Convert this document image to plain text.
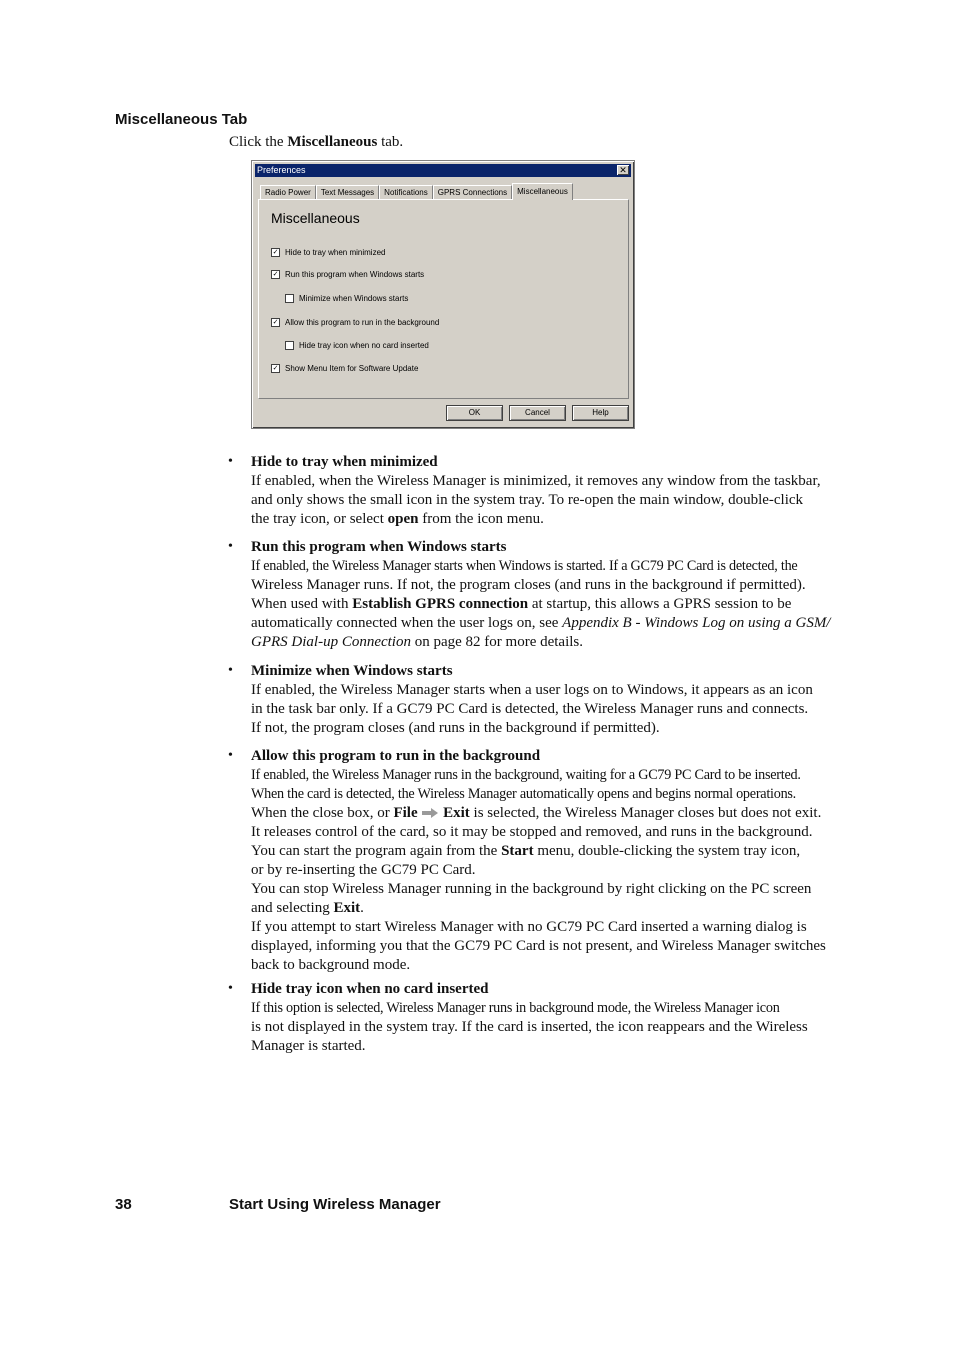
Miscellaneous Tab
Click the Miscellaneous tab.
Preferences	✕
Radio Power	Text Messages	Notifications	GPRS Connections	Miscellaneous
Miscellaneous
✓ Hide to tray when minimized
✓ Run this program when Windows starts
Minimize when Windows starts
✓ Allow this program to run in the background
Hide tray icon when no card inserted
✓ Show Menu Item for Software Update
OK	Cancel	Help
• Hide to tray when minimized

If enabled, when the Wireless Manager is minimized, it removes any window from the taskbar,

and only shows the small icon in the system tray. To re-open the main window, double-click

the tray icon, or select open from the icon menu.

• Run this program when Windows starts

If enabled, the Wireless Manager starts when Windows is started. If a GC79 PC Card is detected, the

Wireless Manager runs. If not, the program closes (and runs in the background if permitted).

When used with Establish GPRS connection at startup, this allows a GPRS session to be

automatically connected when the user logs on, see Appendix B - Windows Log on using a GSM/

GPRS Dial-up Connection on page 82 for more details.

• Minimize when Windows starts

If enabled, the Wireless Manager starts when a user logs on to Windows, it appears as an icon

in the task bar only. If a GC79 PC Card is detected, the Wireless Manager runs and connects.

If not, the program closes (and runs in the background if permitted).

• Allow this program to run in the background

If enabled, the Wireless Manager runs in the background, waiting for a GC79 PC Card to be inserted.

When the card is detected, the Wireless Manager automatically opens and begins normal operations.

When the close box, or File Exit is selected, the Wireless Manager closes but does not exit.

It releases control of the card, so it may be stopped and removed, and runs in the background.

You can start the program again from the Start menu, double-clicking the system tray icon,

or by re-inserting the GC79 PC Card.

You can stop Wireless Manager running in the background by right clicking on the PC screen

and selecting Exit.

If you attempt to start Wireless Manager with no GC79 PC Card inserted a warning dialog is

displayed, informing you that the GC79 PC Card is not present, and Wireless Manager switches

back to background mode.

• Hide tray icon when no card inserted

If this option is selected, Wireless Manager runs in background mode, the Wireless Manager icon

is not displayed in the system tray. If the card is inserted, the icon reappears and the Wireless

Manager is started.

38	Start Using Wireless Manager
